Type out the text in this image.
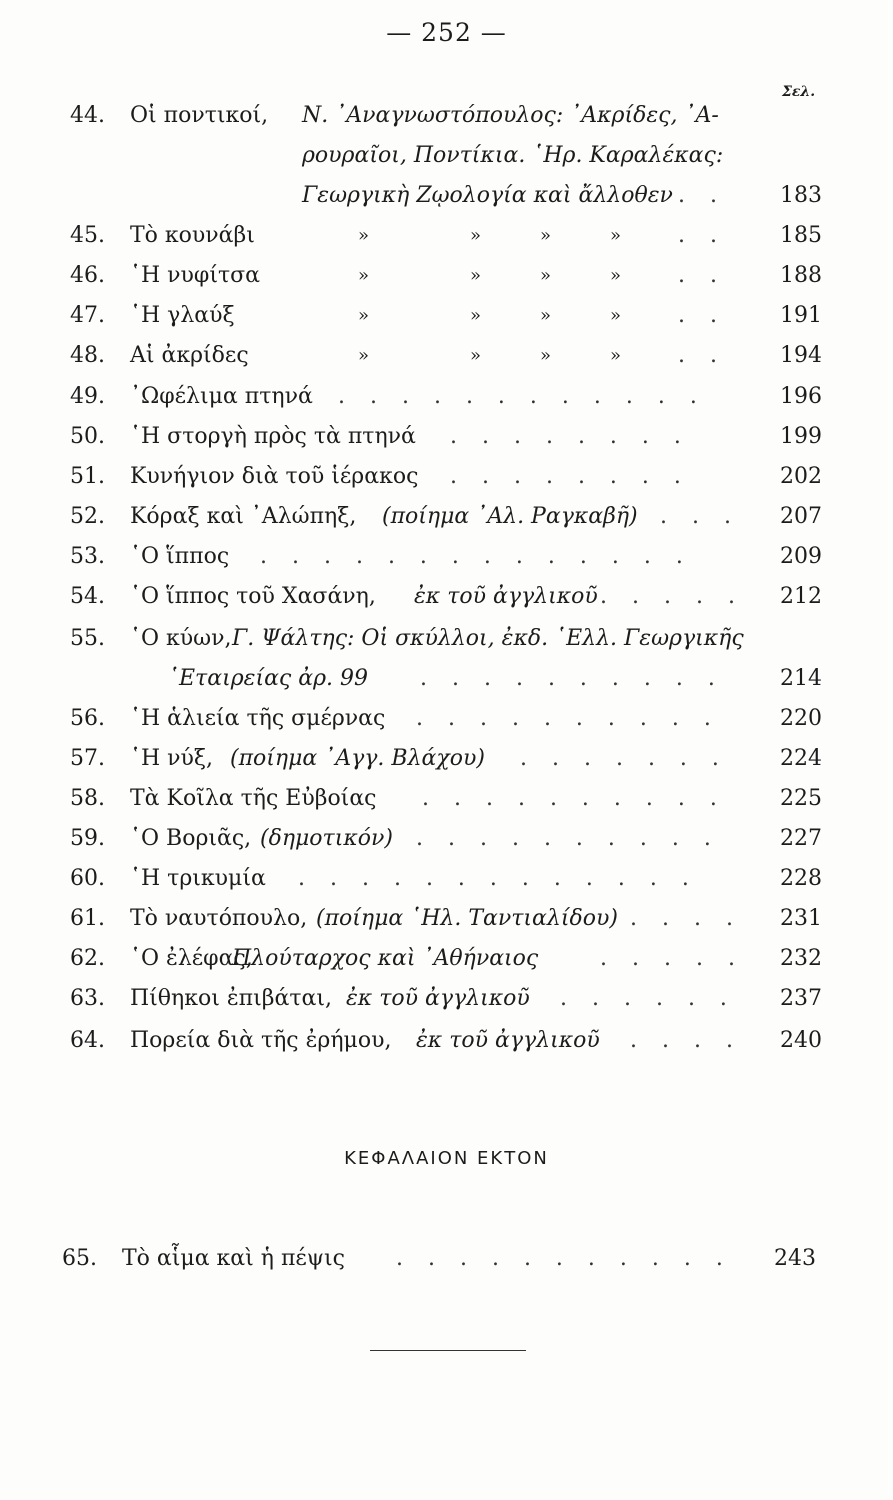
— 252 —
Σελ.
44. Οἱ ποντικοί, Ν. ᾿Αναγνωστόπουλος: ᾿Ακρίδες, ᾿Α-
ρουραῖοι, Ποντίκια. ῾Ηρ. Καραλέκας:
Γεωργικὴ Ζῳολογία καὶ ἄλλοθεν . . 183
45. Τὸ κουνάβι	»	»	»	»	. . 185
46. ῾Η νυφίτσα	»	»	»	»	. . 188
47. ῾Η γλαύξ	»	»	»	»	. . 191
48. Αἱ ἀκρίδες	»	»	»	»	. . 194
49. ᾿Ωφέλιμα πτηνά . . . . . . . . . . . .	196
50. ῾Η στοργὴ πρὸς τὰ πτηνά . . . . . . . .	199
51. Κυνήγιον διὰ τοῦ ἱέρακος . . . . . . . .	202
52. Κόραξ καὶ ᾿Αλώπηξ, (ποίημα ᾿Αλ. Ραγκαβῆ) . . . 207
53. ῾Ο ἵππος . . . . . . . . . . . . . .	209
54. ῾Ο ἵππος τοῦ Χασάνη, ἐκ τοῦ ἀγγλικοῦ . . . . . 212
55. ῾Ο κύων, Γ. Ψάλτης: Οἱ σκύλλοι, ἐκδ. ῾Ελλ. Γεωργικῆς
῾Εταιρείας ἀρ. 99 . . . . . . . . . .	214
56. ῾Η ἁλιεία τῆς σμέρνας . . . . . . . . . .	220
57. ῾Η νύξ, (ποίημα ᾿Αγγ. Βλάχου) . . . . . . . 224
58. Τὰ Κοῖλα τῆς Εὐβοίας . . . . . . . . . . 225
59. ῾Ο Βοριᾶς, (δημοτικόν) . . . . . . . . . .	227
60. ῾Η τρικυμία . . . . . . . . . . . . .	228
61. Τὸ ναυτόπουλο, (ποίημα ῾Ηλ. Ταντιαλίδου) . . . . 231
62. ῾Ο ἐλέφας,
Πλούταρχος καὶ ᾿Αθήναιος	. . . . . 232
63. Πίθηκοι ἐπιβάται, ἐκ τοῦ ἀγγλικοῦ . . . . . . 237
64. Πορεία διὰ τῆς ἐρήμου, ἐκ τοῦ ἀγγλικοῦ . . . . 240
ΚΕΦΑΛΑΙΟΝ ΕΚΤΟΝ
65. Τὸ αἷμα καὶ ἡ πέψις . . . . . . . . . . . 243
